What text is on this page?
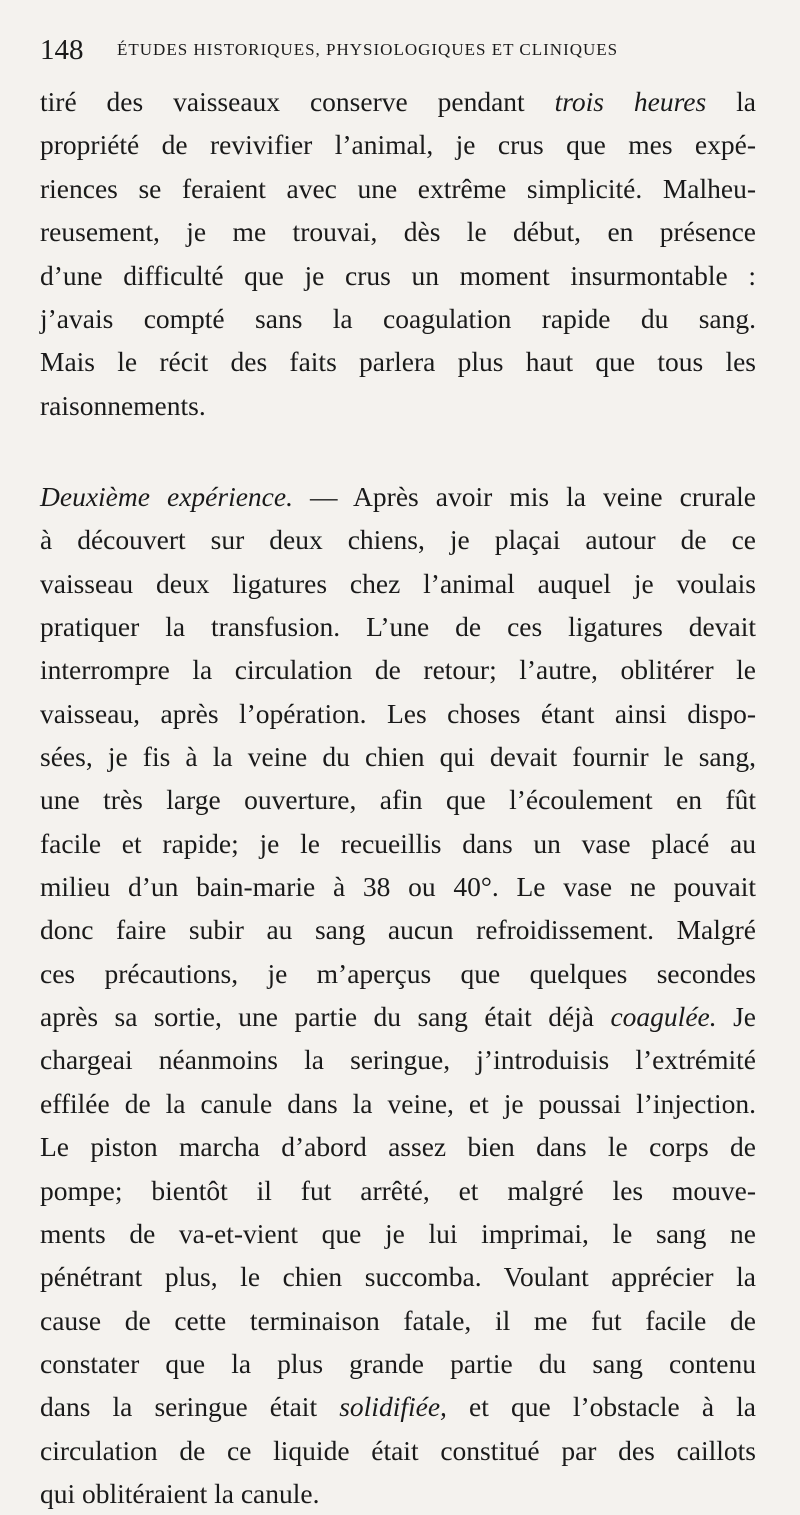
148 ÉTUDES HISTORIQUES, PHYSIOLOGIQUES ET CLINIQUES
tiré des vaisseaux conserve pendant trois heures la
propriété de revivifier l’animal, je crus que mes expé-
riences se feraient avec une extrême simplicité. Malheu-
reusement, je me trouvai, dès le début, en présence
d’une difficulté que je crus un moment insurmontable :
j’avais compté sans la coagulation rapide du sang.
Mais le récit des faits parlera plus haut que tous les
raisonnements.
Deuxième expérience. — Après avoir mis la veine crurale
à découvert sur deux chiens, je plaçai autour de ce
vaisseau deux ligatures chez l’animal auquel je voulais
pratiquer la transfusion. L’une de ces ligatures devait
interrompre la circulation de retour; l’autre, oblitérer le
vaisseau, après l’opération. Les choses étant ainsi dispo-
sées, je fis à la veine du chien qui devait fournir le sang,
une très large ouverture, afin que l’écoulement en fût
facile et rapide; je le recueillis dans un vase placé au
milieu d’un bain-marie à 38 ou 40°. Le vase ne pouvait
donc faire subir au sang aucun refroidissement. Malgré
ces précautions, je m’aperçus que quelques secondes
après sa sortie, une partie du sang était déjà coagulée. Je
chargeai néanmoins la seringue, j’introduisis l’extrémité
effilée de la canule dans la veine, et je poussai l’injection.
Le piston marcha d’abord assez bien dans le corps de
pompe; bientôt il fut arrêté, et malgré les mouve-
ments de va-et-vient que je lui imprimai, le sang ne
pénétrant plus, le chien succomba. Voulant apprécier la
cause de cette terminaison fatale, il me fut facile de
constater que la plus grande partie du sang contenu
dans la seringue était solidifiée, et que l’obstacle à la
circulation de ce liquide était constitué par des caillots
qui oblitéraient la canule.
